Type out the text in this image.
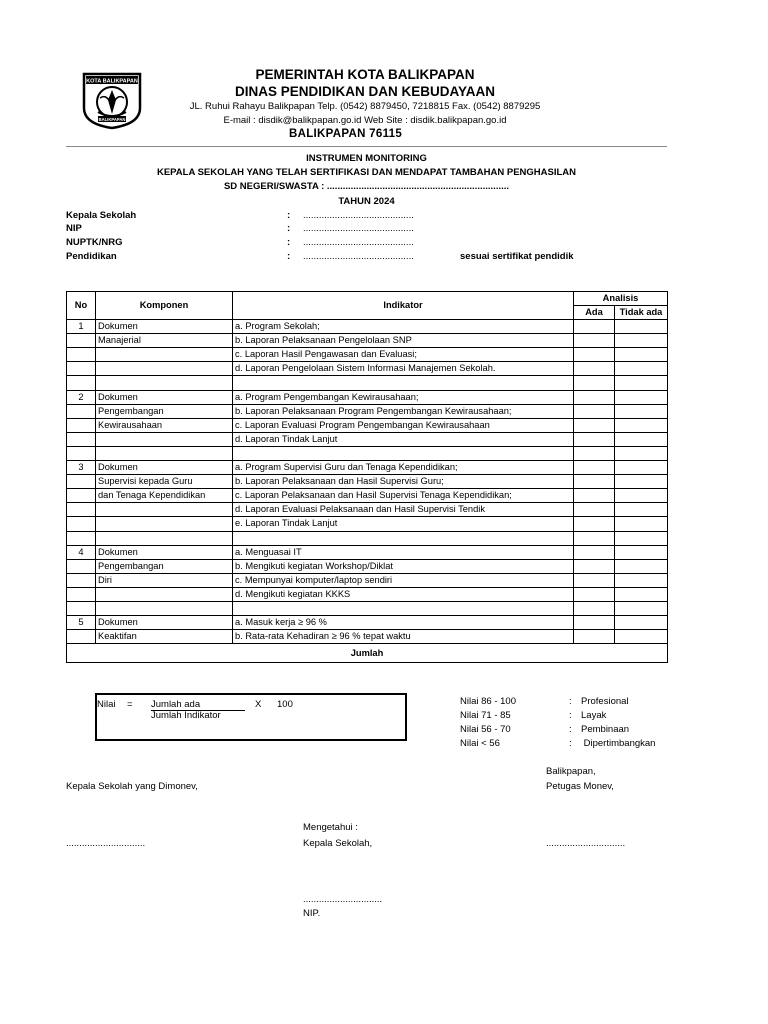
KOTA BALIKPAPAN
BALIKPAPAN
PEMERINTAH KOTA BALIKPAPAN
DINAS PENDIDIKAN DAN KEBUDAYAAN
JL. Ruhui Rahayu Balikpapan Telp. (0542) 8879450, 7218815 Fax. (0542) 8879295
E-mail : disdik@balikpapan.go.id Web Site : disdik.balikpapan.go.id
BALIKPAPAN 76115
INSTRUMEN MONITORING
KEPALA SEKOLAH YANG TELAH SERTIFIKASI DAN MENDAPAT TAMBAHAN PENGHASILAN
SD NEGERI/SWASTA : .....................................................................
TAHUN 2024
Kepala Sekolah	: ..........................................
NIP	: ..........................................
NUPTK/NRG	: ..........................................
Pendidikan	: ..........................................	sesuai sertifikat pendidik
No	Komponen	Indikator	Analisis	
			Ada	Tidak ada
1	Dokumen	a. Program Sekolah;		
	Manajerial	b. Laporan Pelaksanaan Pengelolaan SNP		
		c. Laporan Hasil Pengawasan dan Evaluasi;		
		d. Laporan Pengelolaan Sistem Informasi Manajemen Sekolah.		

2	Dokumen	a. Program Pengembangan Kewirausahaan;		
	Pengembangan	b. Laporan Pelaksanaan Program Pengembangan Kewirausahaan;		
	Kewirausahaan	c. Laporan Evaluasi Program Pengembangan Kewirausahaan		
		d. Laporan Tindak Lanjut		

3	Dokumen	a. Program Supervisi Guru dan Tenaga Kependidikan;		
	Supervisi kepada Guru	b. Laporan Pelaksanaan dan Hasil Supervisi Guru;		
	dan Tenaga Kependidikan	c. Laporan Pelaksanaan dan Hasil Supervisi Tenaga Kependidikan;		
		d. Laporan Evaluasi Pelaksanaan dan Hasil Supervisi Tendik		
		e. Laporan Tindak Lanjut		

4	Dokumen	a. Menguasai IT		
	Pengembangan	b. Mengikuti kegiatan Workshop/Diklat		
	Diri	c. Mempunyai komputer/laptop sendiri		
		d. Mengikuti kegiatan KKKS		

5	Dokumen	a. Masuk kerja ≥ 96 %		
	Keaktifan	b. Rata-rata Kehadiran ≥ 96 % tepat waktu		
Jumlah				
Nilai = Jumlah ada	X 100
Jumlah Indikator
Nilai 86 - 100	: Profesional
Nilai 71 - 85	: Layak
Nilai 56 - 70	: Pembinaan
Nilai < 56	: Dipertimbangkan
Balikpapan,
Kepala Sekolah yang Dimonev,	Petugas Monev,
Mengetahui :
..............................	Kepala Sekolah,	..............................
..............................
NIP.
